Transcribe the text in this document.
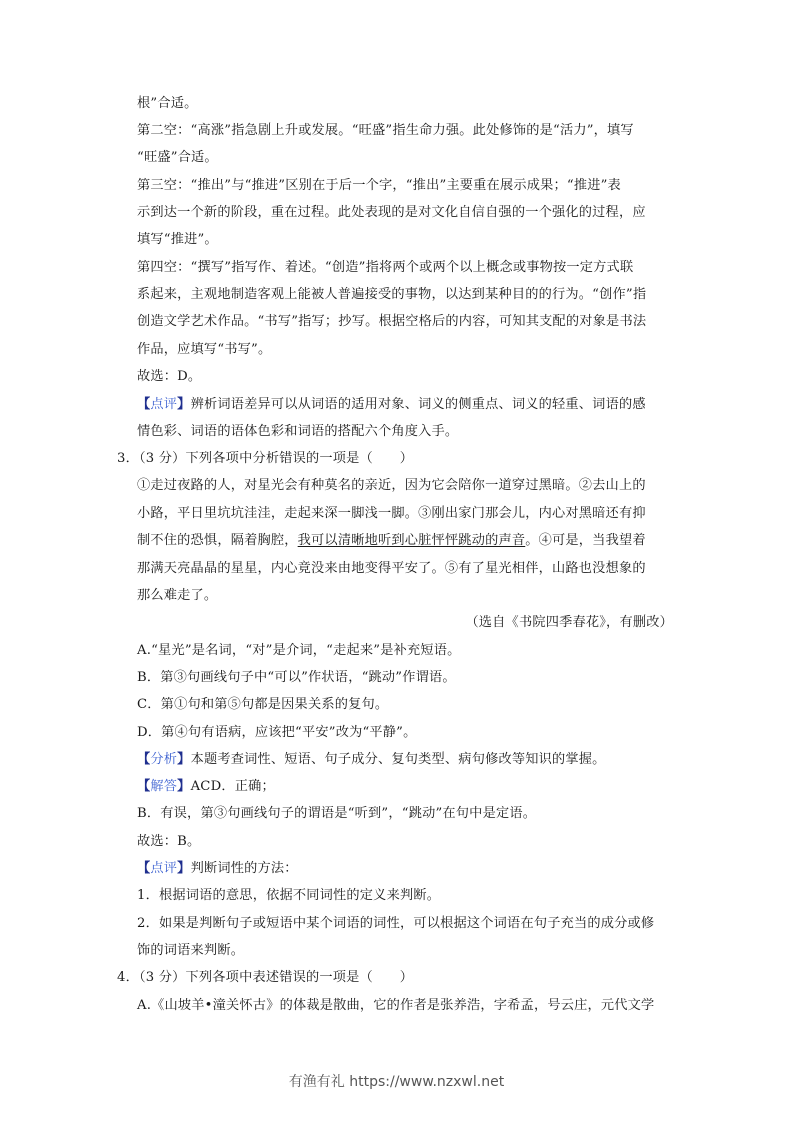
根”合适。
第二空：“高涨”指急剧上升或发展。“旺盛”指生命力强。此处修饰的是“活力”，填写
“旺盛”合适。
第三空：“推出”与“推进”区别在于后一个字，“推出”主要重在展示成果；“推进”表
示到达一个新的阶段，重在过程。此处表现的是对文化自信自强的一个强化的过程，应
填写“推进”。
第四空：“撰写”指写作、着述。“创造”指将两个或两个以上概念或事物按一定方式联
系起来，主观地制造客观上能被人普遍接受的事物，以达到某种目的的行为。“创作”指
创造文学艺术作品。“书写”指写；抄写。根据空格后的内容，可知其支配的对象是书法
作品，应填写“书写”。
故选：D。
【点评】辨析词语差异可以从词语的适用对象、词义的侧重点、词义的轻重、词语的感
情色彩、词语的语体色彩和词语的搭配六个角度入手。
3．（3 分）下列各项中分析错误的一项是（　　）
①走过夜路的人，对星光会有种莫名的亲近，因为它会陪你一道穿过黑暗。②去山上的
小路，平日里坑坑洼洼，走起来深一脚浅一脚。③刚出家门那会儿，内心对黑暗还有抑
制不住的恐惧，隔着胸腔，我可以清晰地听到心脏怦怦跳动的声音。④可是，当我望着
那满天亮晶晶的星星，内心竟没来由地变得平安了。⑤有了星光相伴，山路也没想象的
那么难走了。
（选自《书院四季春花》，有删改）
A.“星光”是名词，“对”是介词，“走起来”是补充短语。
B．第③句画线句子中“可以”作状语，“跳动”作谓语。
C．第①句和第⑤句都是因果关系的复句。
D．第④句有语病，应该把“平安”改为“平静”。
【分析】本题考查词性、短语、句子成分、复句类型、病句修改等知识的掌握。
【解答】ACD．正确；
B．有误，第③句画线句子的谓语是“听到”，“跳动”在句中是定语。
故选：B。
【点评】判断词性的方法：
1．根据词语的意思，依据不同词性的定义来判断。
2．如果是判断句子或短语中某个词语的词性，可以根据这个词语在句子充当的成分或修
饰的词语来判断。
4．（3 分）下列各项中表述错误的一项是（　　）
A.《山坡羊•潼关怀古》的体裁是散曲，它的作者是张养浩，字希孟，号云庄，元代文学
有渔有礼 https://www.nzxwl.net
